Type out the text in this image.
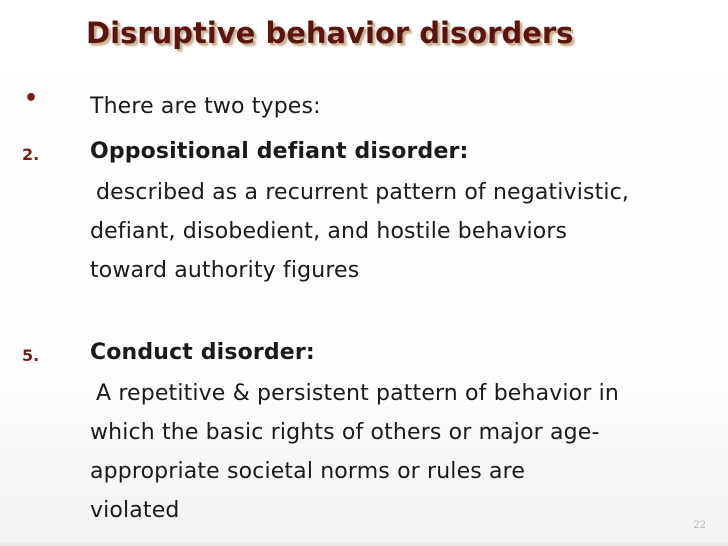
Disruptive behavior disorders
• There are two types:
2. Oppositional defiant disorder:
described as a recurrent pattern of negativistic,
defiant, disobedient, and hostile behaviors
toward authority figures
5. Conduct disorder:
A repetitive & persistent pattern of behavior in
which the basic rights of others or major age-
appropriate societal norms or rules are
violated
22
